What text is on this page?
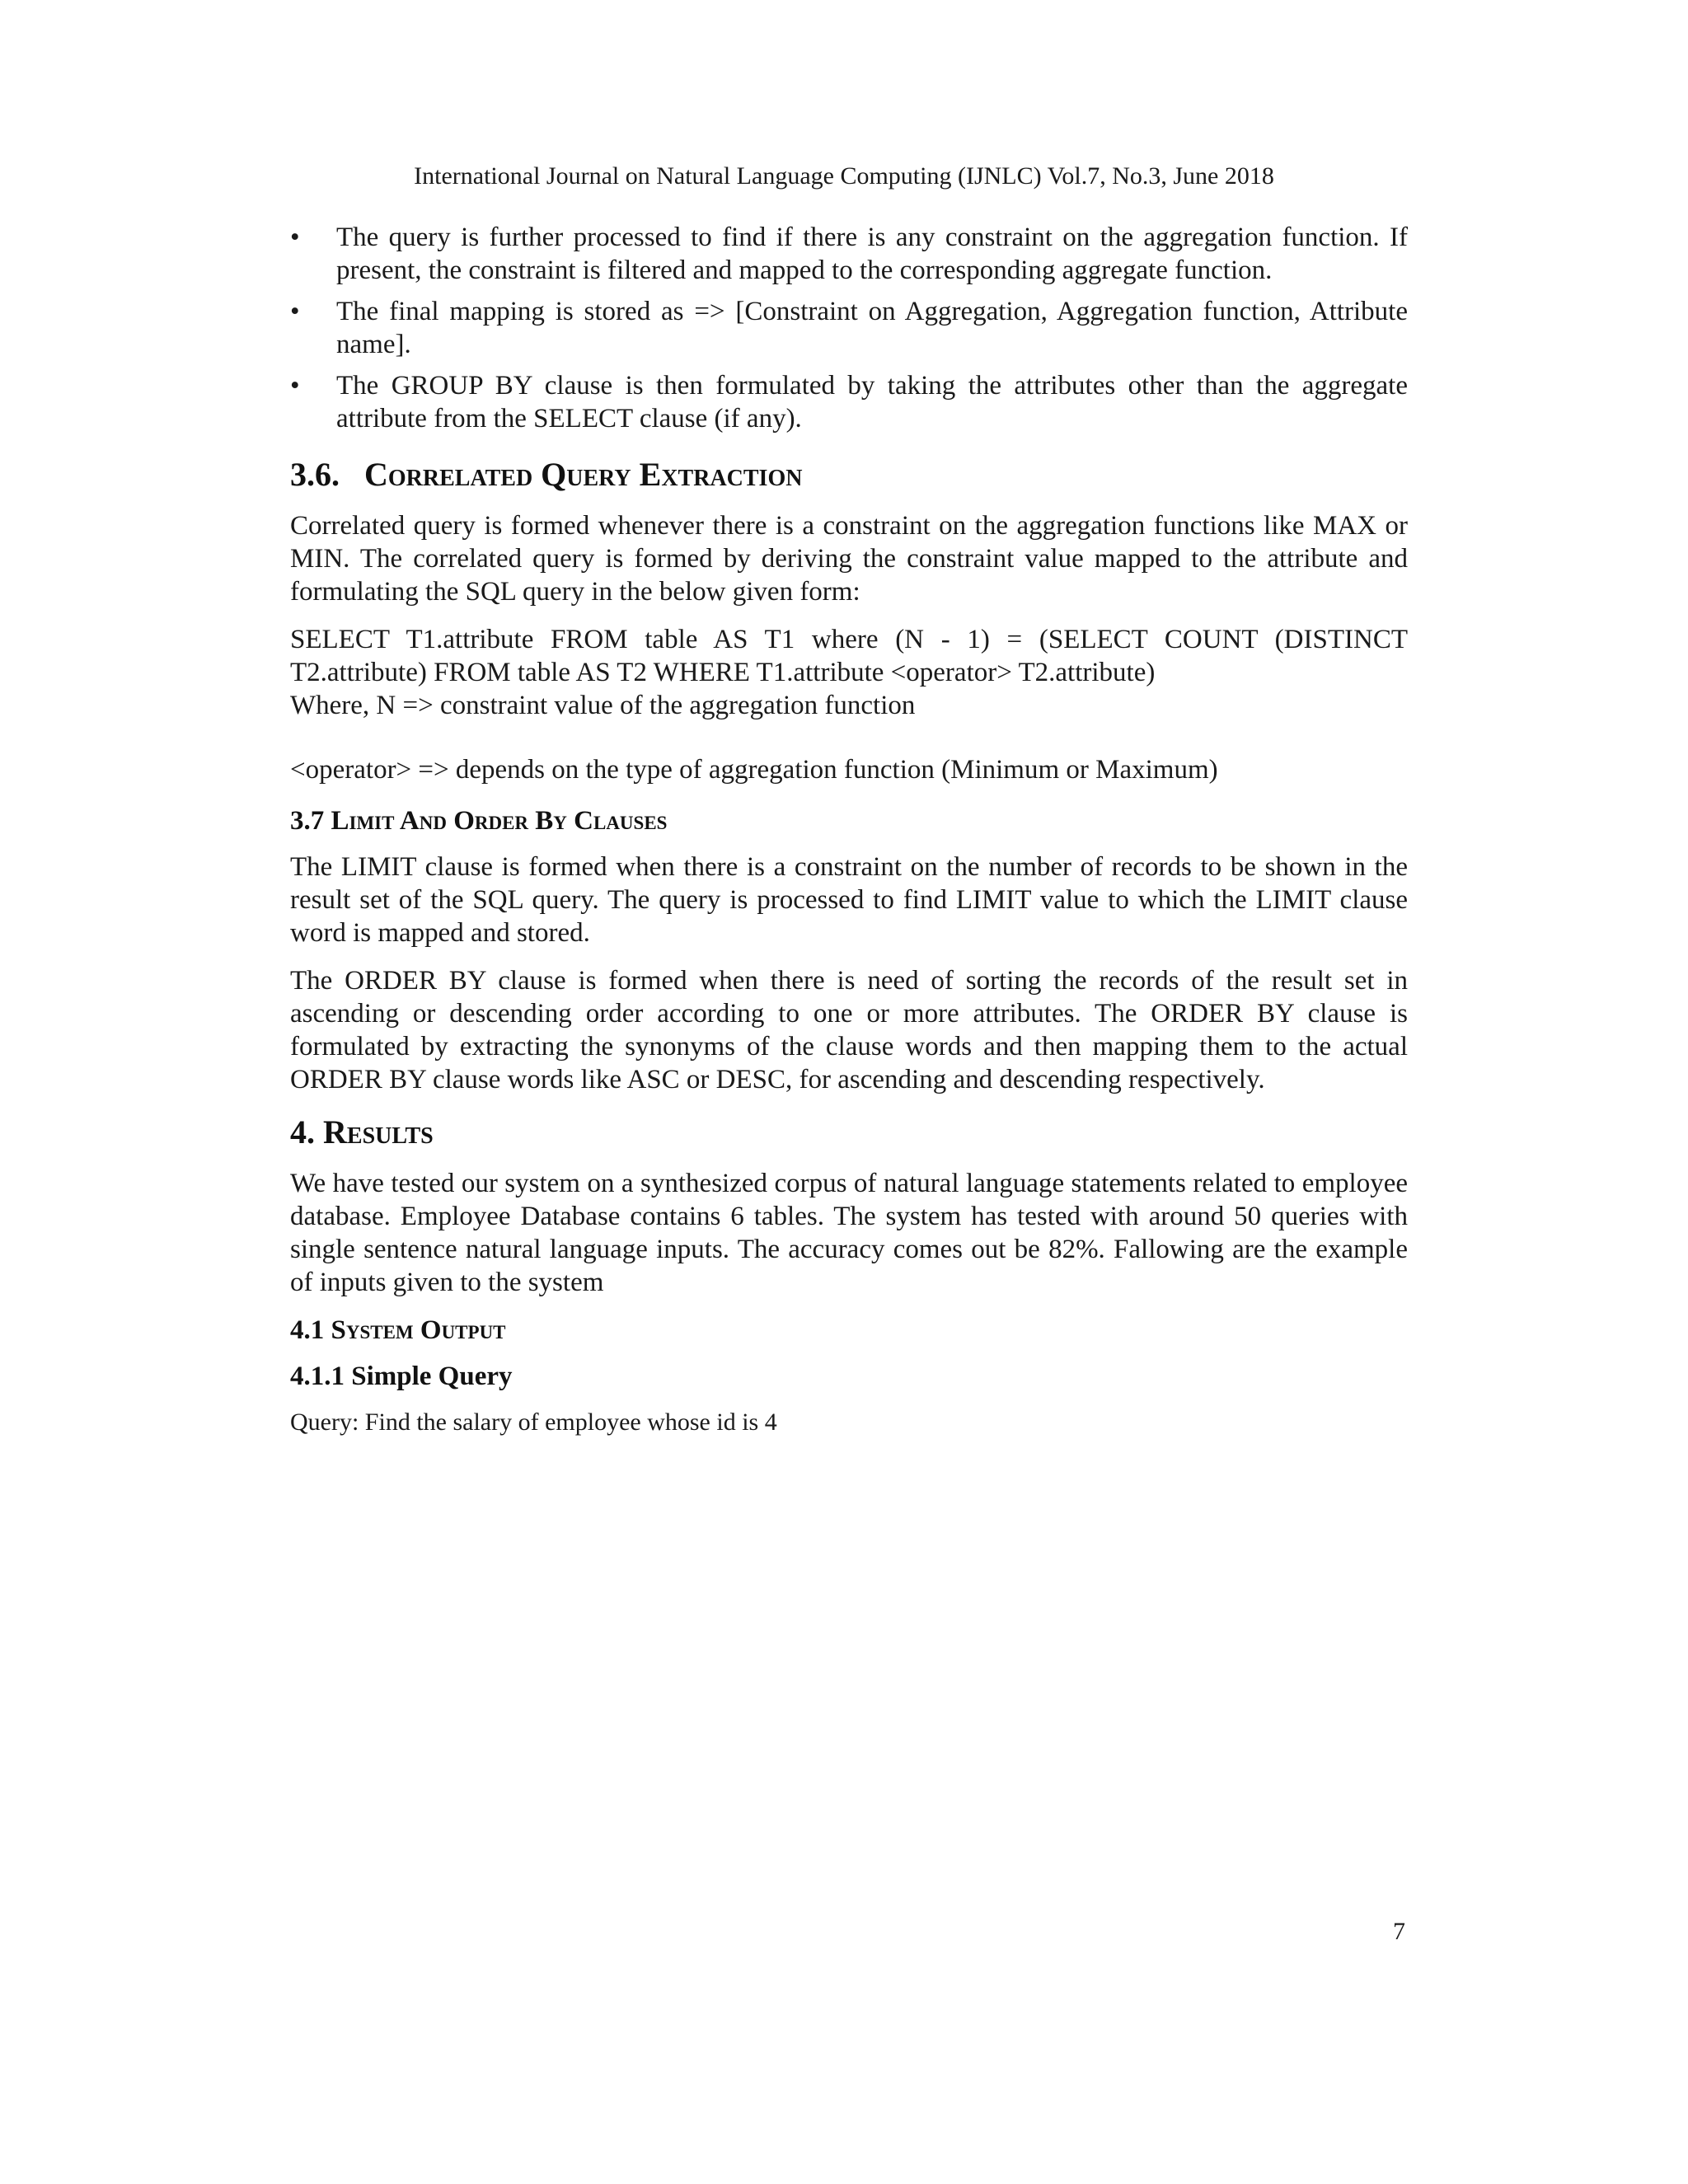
International Journal on Natural Language Computing (IJNLC) Vol.7, No.3, June 2018
• The query is further processed to find if there is any constraint on the aggregation function. If present, the constraint is filtered and mapped to the corresponding aggregate function.
• The final mapping is stored as => [Constraint on Aggregation, Aggregation function, Attribute name].
• The GROUP BY clause is then formulated by taking the attributes other than the aggregate attribute from the SELECT clause (if any).
3.6. Correlated Query Extraction

Correlated query is formed whenever there is a constraint on the aggregation functions like MAX or MIN. The correlated query is formed by deriving the constraint value mapped to the attribute and formulating the SQL query in the below given form:

SELECT T1.attribute FROM table AS T1 where (N - 1) = (SELECT COUNT (DISTINCT T2.attribute) FROM table AS T2 WHERE T1.attribute <operator> T2.attribute)

Where, N => constraint value of the aggregation function

<operator> => depends on the type of aggregation function (Minimum or Maximum)

3.7 Limit And Order By Clauses

The LIMIT clause is formed when there is a constraint on the number of records to be shown in the result set of the SQL query. The query is processed to find LIMIT value to which the LIMIT clause word is mapped and stored.

The ORDER BY clause is formed when there is need of sorting the records of the result set in ascending or descending order according to one or more attributes. The ORDER BY clause is formulated by extracting the synonyms of the clause words and then mapping them to the actual ORDER BY clause words like ASC or DESC, for ascending and descending respectively.

4. Results

We have tested our system on a synthesized corpus of natural language statements related to employee database. Employee Database contains 6 tables. The system has tested with around 50 queries with single sentence natural language inputs. The accuracy comes out be 82%. Fallowing are the example of inputs given to the system

4.1 System Output
4.1.1 Simple Query

Query: Find the salary of employee whose id is 4

7
